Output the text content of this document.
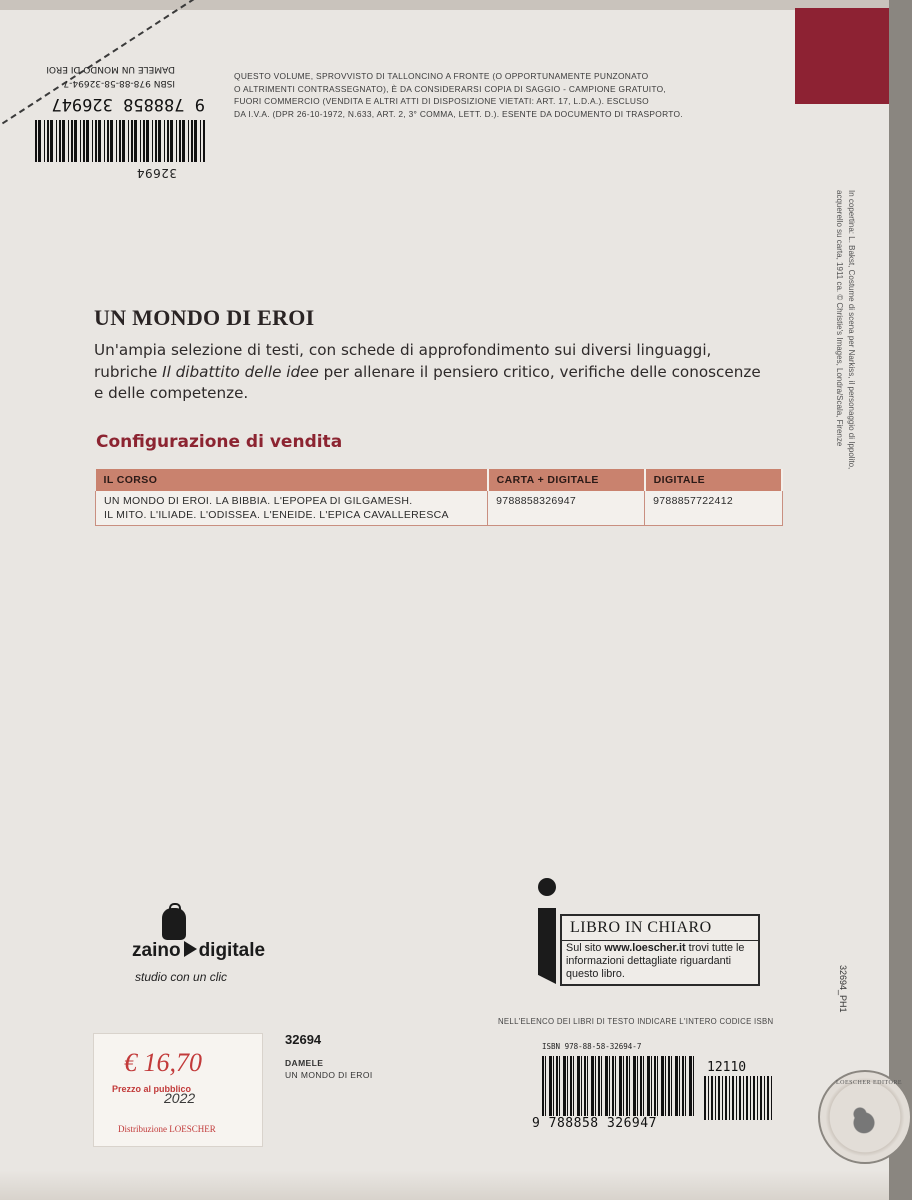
32694
9 788858 326947
ISBN 978-88-58-32694-7
DAMELE UN MONDO DI EROI
QUESTO VOLUME, SPROVVISTO DI TALLONCINO A FRONTE (O OPPORTUNAMENTE PUNZONATO
O ALTRIMENTI CONTRASSEGNATO), È DA CONSIDERARSI COPIA DI SAGGIO - CAMPIONE GRATUITO,
FUORI COMMERCIO (VENDITA E ALTRI ATTI DI DISPOSIZIONE VIETATI: ART. 17, L.D.A.). ESCLUSO
DA I.V.A. (DPR 26-10-1972, N.633, ART. 2, 3° COMMA, LETT. D.). ESENTE DA DOCUMENTO DI TRASPORTO.
In copertina: L. Bakst, Costume di scena per Narkiss, il personaggio di Ippolito,
acquerello su carta, 1911 ca. © Christie's Images, Londra/Scala, Firenze
32694_PH1
UN MONDO DI EROI
Un'ampia selezione di testi, con schede di approfondimento sui diversi linguaggi,
rubriche Il dibattito delle idee per allenare il pensiero critico, verifiche delle conoscenze
e delle competenze.
Configurazione di vendita
IL CORSO	CARTA + DIGITALE	DIGITALE

UN MONDO DI EROI. LA BIBBIA. L'EPOPEA DI GILGAMESH.
IL MITO. L'ILIADE. L'ODISSEA. L'ENEIDE. L'EPICA CAVALLERESCA	9788858326947	9788857722412
zaino digitale
studio con un clic
LIBRO IN CHIARO
Sul sito www.loescher.it trovi tutte le informazioni dettagliate riguardanti questo libro.
NELL'ELENCO DEI LIBRI DI TESTO INDICARE L'INTERO CODICE ISBN
€ 16,70
Prezzo al pubblico
2022
Distribuzione LOESCHER
32694
DAMELE
UN MONDO DI EROI
ISBN 978-88-58-32694-7
12110
9 788858 326947
LOESCHER EDITORE
